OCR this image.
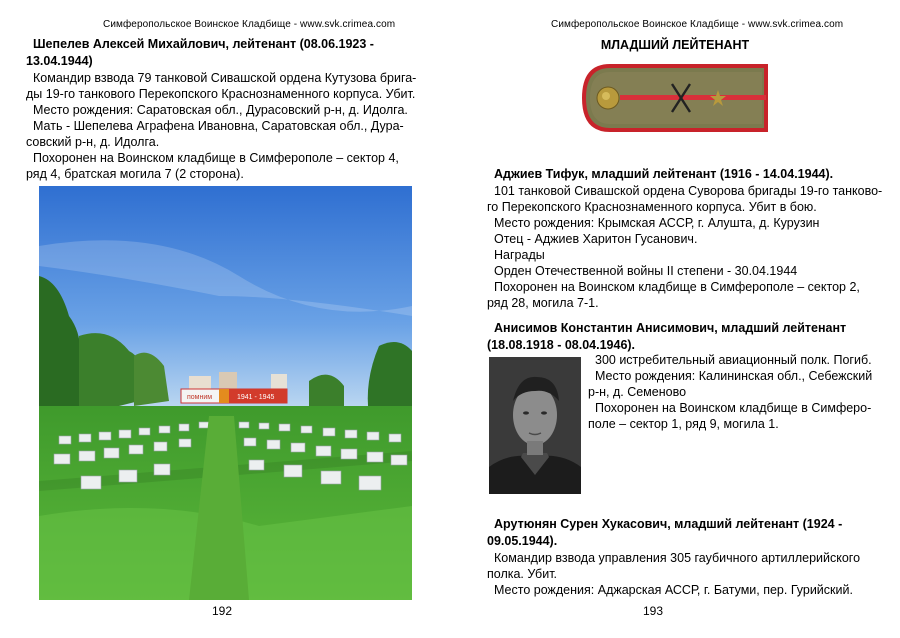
Симферопольское Воинское Кладбище - www.svk.crimea.com
Шепелев Алексей Михайлович, лейтенант (08.06.1923 -
13.04.1944)
Командир взвода 79 танковой Сивашской ордена Кутузова брига-
ды 19-го танкового Перекопского Краснознаменного корпуса. Убит.
Место рождения: Саратовская обл., Дурасовский р-н, д. Идолга.
Мать - Шепелева Аграфена Ивановна, Саратовская обл., Дура-
совский р-н, д. Идолга.
Похоронен на Воинском кладбище в Симферополе – сектор 4,
ряд 4, братская могила 7 (2 сторона).
помним	1941 - 1945
192
Симферопольское Воинское Кладбище - www.svk.crimea.com
МЛАДШИЙ ЛЕЙТЕНАНТ
Аджиев Тифук, младший лейтенант (1916 - 14.04.1944).
101 танковой Сивашской ордена Суворова бригады 19-го танково-
го Перекопского Краснознаменного корпуса. Убит в бою.
Место рождения: Крымская АССР, г. Алушта, д. Курузин
Отец - Аджиев Харитон Гусанович.
Награды
Орден Отечественной войны II степени - 30.04.1944
Похоронен на Воинском кладбище в Симферополе – сектор 2,
ряд 28, могила 7-1.
Анисимов Константин Анисимович, младший лейтенант
(18.08.1918 - 08.04.1946).
300 истребительный авиационный полк. Погиб.
Место рождения: Калининская обл., Себежский
р-н, д. Семеново
Похоронен на Воинском кладбище в Симферо-
поле – сектор 1, ряд 9, могила 1.
Арутюнян Сурен Хукасович, младший лейтенант (1924 -
09.05.1944).
Командир взвода управления 305 гаубичного артиллерийского
полка. Убит.
Место рождения: Аджарская АССР, г. Батуми, пер. Гурийский.
193
